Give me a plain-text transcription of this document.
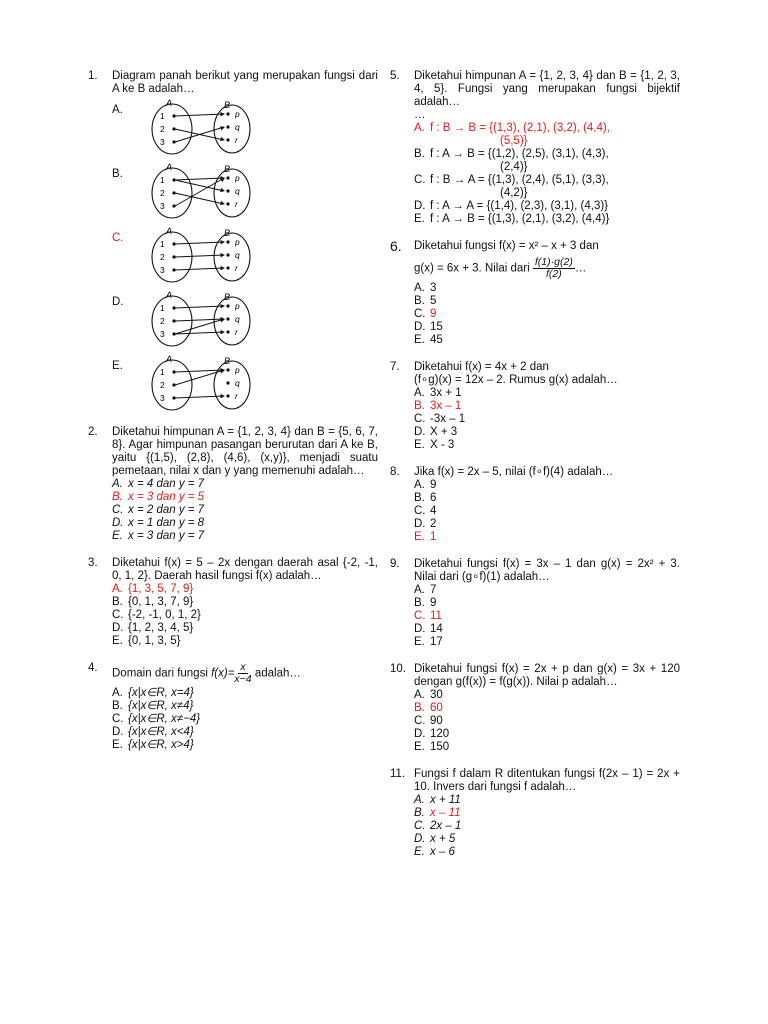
1.	Diagram panah berikut yang merupakan fungsi dari A ke B adalah…
A.
A	B
1
2
3
p
q
r
B.
A	B
1
2
3
p
q
r
C.
A	B
1
2
3
p
q
r
D.
A	B
1
2
3
p
q
r
E.
A	B
1
2
3
p
q
r
2.	Diketahui himpunan A = {1, 2, 3, 4} dan B = {5, 6, 7, 8}. Agar himpunan pasangan berurutan dari A ke B, yaitu {(1,5), (2,8), (4,6), (x,y)}, menjadi suatu pemetaan, nilai x dan y yang memenuhi adalah…
A. x = 4 dan y = 7
B. x = 3 dan y = 5
C. x = 2 dan y = 7
D. x = 1 dan y = 8
E. x = 3 dan y = 7
3.	Diketahui f(x) = 5 – 2x dengan daerah asal {-2, -1, 0, 1, 2}. Daerah hasil fungsi f(x) adalah…
A. {1, 3, 5, 7, 9}
B. {0, 1, 3, 7, 9}
C. {-2, -1, 0, 1, 2}
D. {1, 2, 3, 4, 5}
E. {0, 1, 3, 5}
4.	Domain dari fungsi $f(x)= \frac{x}{x-4}$ adalah…
A. {x|x∈R, x=4}
B. {x|x∈R, x≠4}
C. {x|x∈R, x≠−4}
D. {x|x∈R, x<4}
E. {x|x∈R, x>4}
5.	Diketahui himpunan A = {1, 2, 3, 4} dan B = {1, 2, 3, 4, 5}. Fungsi yang merupakan fungsi bijektif adalah…
…
A. f : B → B = {(1,3), (2,1), (3,2), (4,4),
(5,5)}
B. f : A → B = {(1,2), (2,5), (3,1), (4,3),
(2,4)}
C. f : B → A = {(1,3), (2,4), (5,1), (3,3),
(4,2)}
D. f : A → A = {(1,4), (2,3), (3,1), (4,3)}
E. f : A → B = {(1,3), (2,1), (3,2), (4,4)}
6.	Diketahui fungsi f(x) = x² – x + 3 dan
g(x) = 6x + 3. Nilai dari $\frac{f(1)\cdot g(2)}{f(2)}$ …
A. 3
B. 5
C. 9
D. 15
E. 45
7.	Diketahui f(x) = 4x + 2 dan
(f∘g)(x) = 12x – 2. Rumus g(x) adalah…
A. 3x + 1
B. 3x – 1
C. -3x – 1
D. X + 3
E. X - 3
8.	Jika f(x) = 2x – 5, nilai (f∘f)(4) adalah…
A. 9
B. 6
C. 4
D. 2
E. 1
9.	Diketahui fungsi f(x) = 3x – 1 dan g(x) = 2x² + 3. Nilai dari (g∘f)(1) adalah…
A. 7
B. 9
C. 11
D. 14
E. 17
10. Diketahui fungsi f(x) = 2x + p dan g(x) = 3x + 120 dengan g(f(x)) = f(g(x)). Nilai p adalah…
A. 30
B. 60
C. 90
D. 120
E. 150
11. Fungsi f dalam R ditentukan fungsi f(2x – 1) = 2x + 10. Invers dari fungsi f adalah…
A. x + 11
B. x – 11
C. 2x – 1
D. x + 5
E. x – 6
